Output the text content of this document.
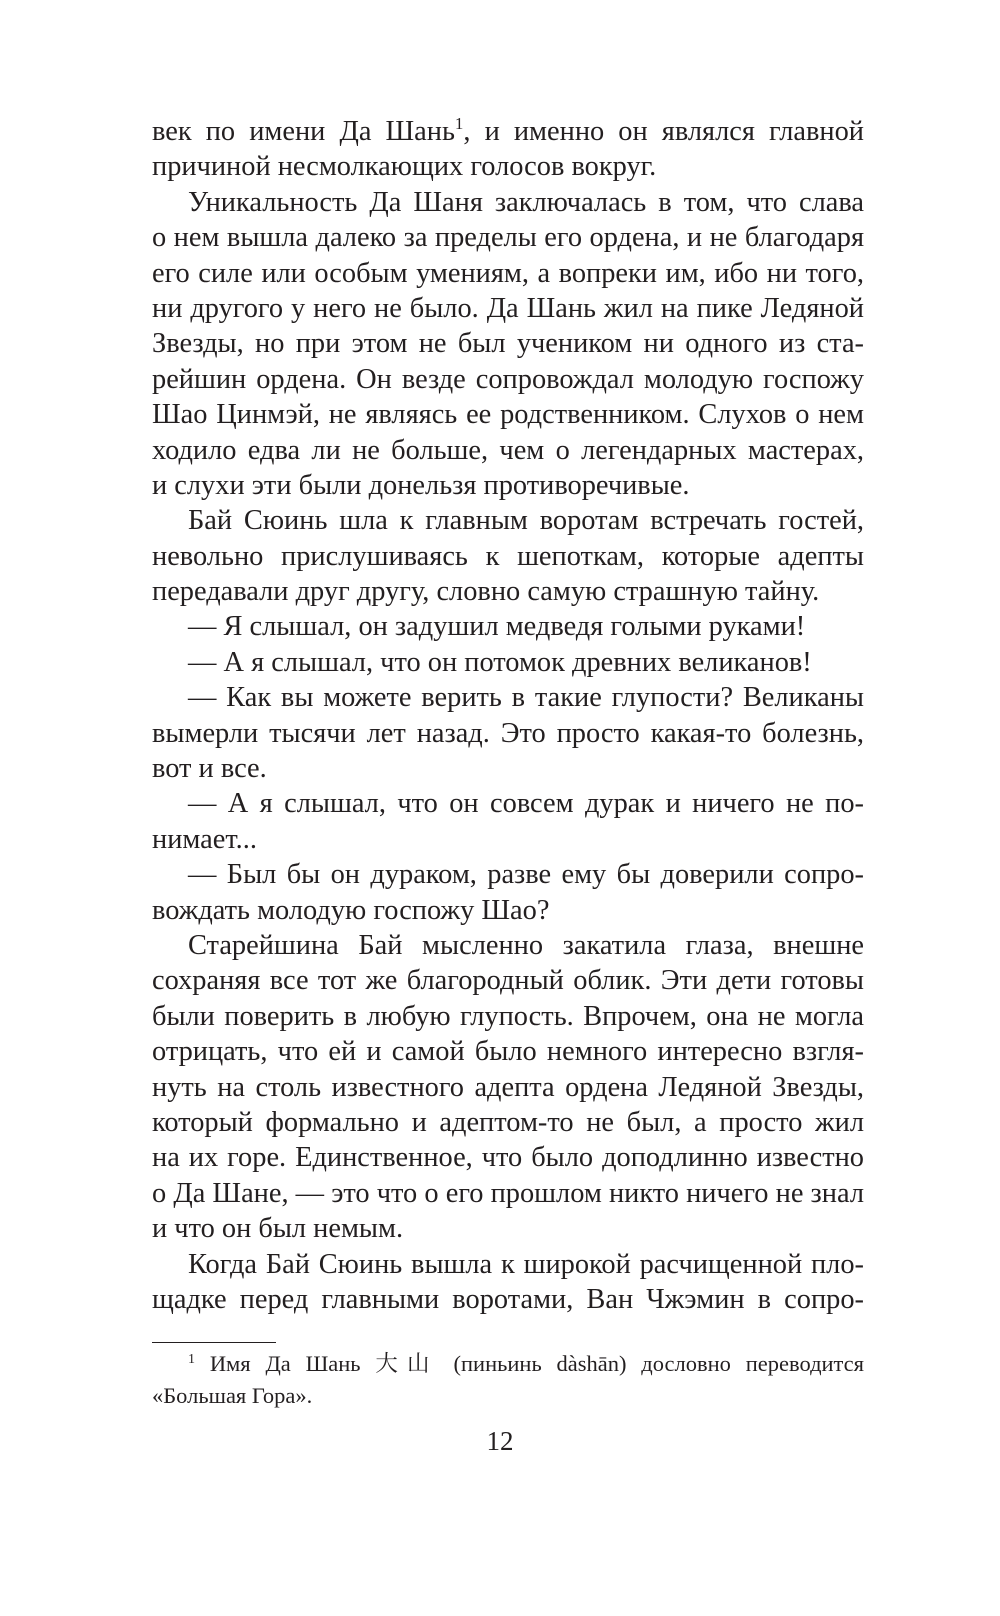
век по имени Да Шань$^1$, и именно он являлся главной
причиной несмолкающих голосов вокруг.
Уникальность Да Шаня заключалась в том, что слава
о нем вышла далеко за пределы его ордена, и не благодаря
его силе или особым умениям, а вопреки им, ибо ни того,
ни другого у него не было. Да Шань жил на пике Ледяной
Звезды, но при этом не был учеником ни одного из ста-
рейшин ордена. Он везде сопровождал молодую госпожу
Шао Цинмэй, не являясь ее родственником. Слухов о нем
ходило едва ли не больше, чем о легендарных мастерах,
и слухи эти были донельзя противоречивые.
Бай Сюинь шла к главным воротам встречать гостей,
невольно прислушиваясь к шепоткам, которые адепты
передавали друг другу, словно самую страшную тайну.
— Я слышал, он задушил медведя голыми руками!
— А я слышал, что он потомок древних великанов!
— Как вы можете верить в такие глупости? Великаны
вымерли тысячи лет назад. Это просто какая-то болезнь,
вот и все.
— А я слышал, что он совсем дурак и ничего не по-
нимает...
— Был бы он дураком, разве ему бы доверили сопро-
вождать молодую госпожу Шао?
Старейшина Бай мысленно закатила глаза, внешне
сохраняя все тот же благородный облик. Эти дети готовы
были поверить в любую глупость. Впрочем, она не могла
отрицать, что ей и самой было немного интересно взгля-
нуть на столь известного адепта ордена Ледяной Звезды,
который формально и адептом-то не был, а просто жил
на их горе. Единственное, что было доподлинно известно
о Да Шане, — это что о его прошлом никто ничего не знал
и что он был немым.
Когда Бай Сюинь вышла к широкой расчищенной пло-
щадке перед главными воротами, Ван Чжэмин в сопро-
$^1$ Имя Да Шань 大山 (пиньинь dàshān) дословно переводится
«Большая Гора».
12
